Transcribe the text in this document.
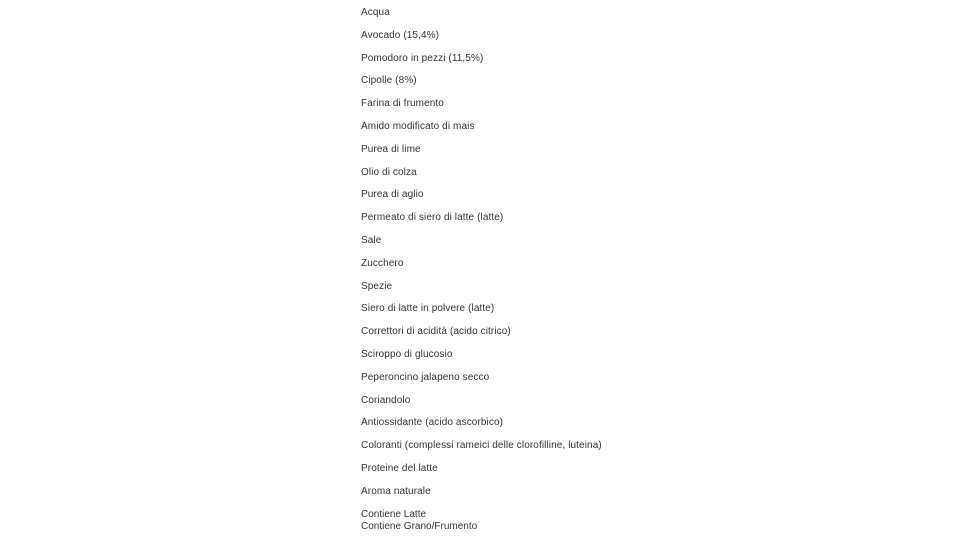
Acqua
Avocado (15,4%)
Pomodoro in pezzi (11,5%)
Cipolle (8%)
Farina di frumento
Amido modificato di mais
Purea di lime
Olio di colza
Purea di aglio
Permeato di siero di latte (latte)
Sale
Zucchero
Spezie
Siero di latte in polvere (latte)
Correttori di acidità (acido citrico)
Sciroppo di glucosio
Peperoncino jalapeno secco
Coriandolo
Antiossidante (acido ascorbico)
Coloranti (complessi rameici delle clorofilline, luteina)
Proteine del latte
Aroma naturale
Contiene Latte
Contiene Grano/Frumento
